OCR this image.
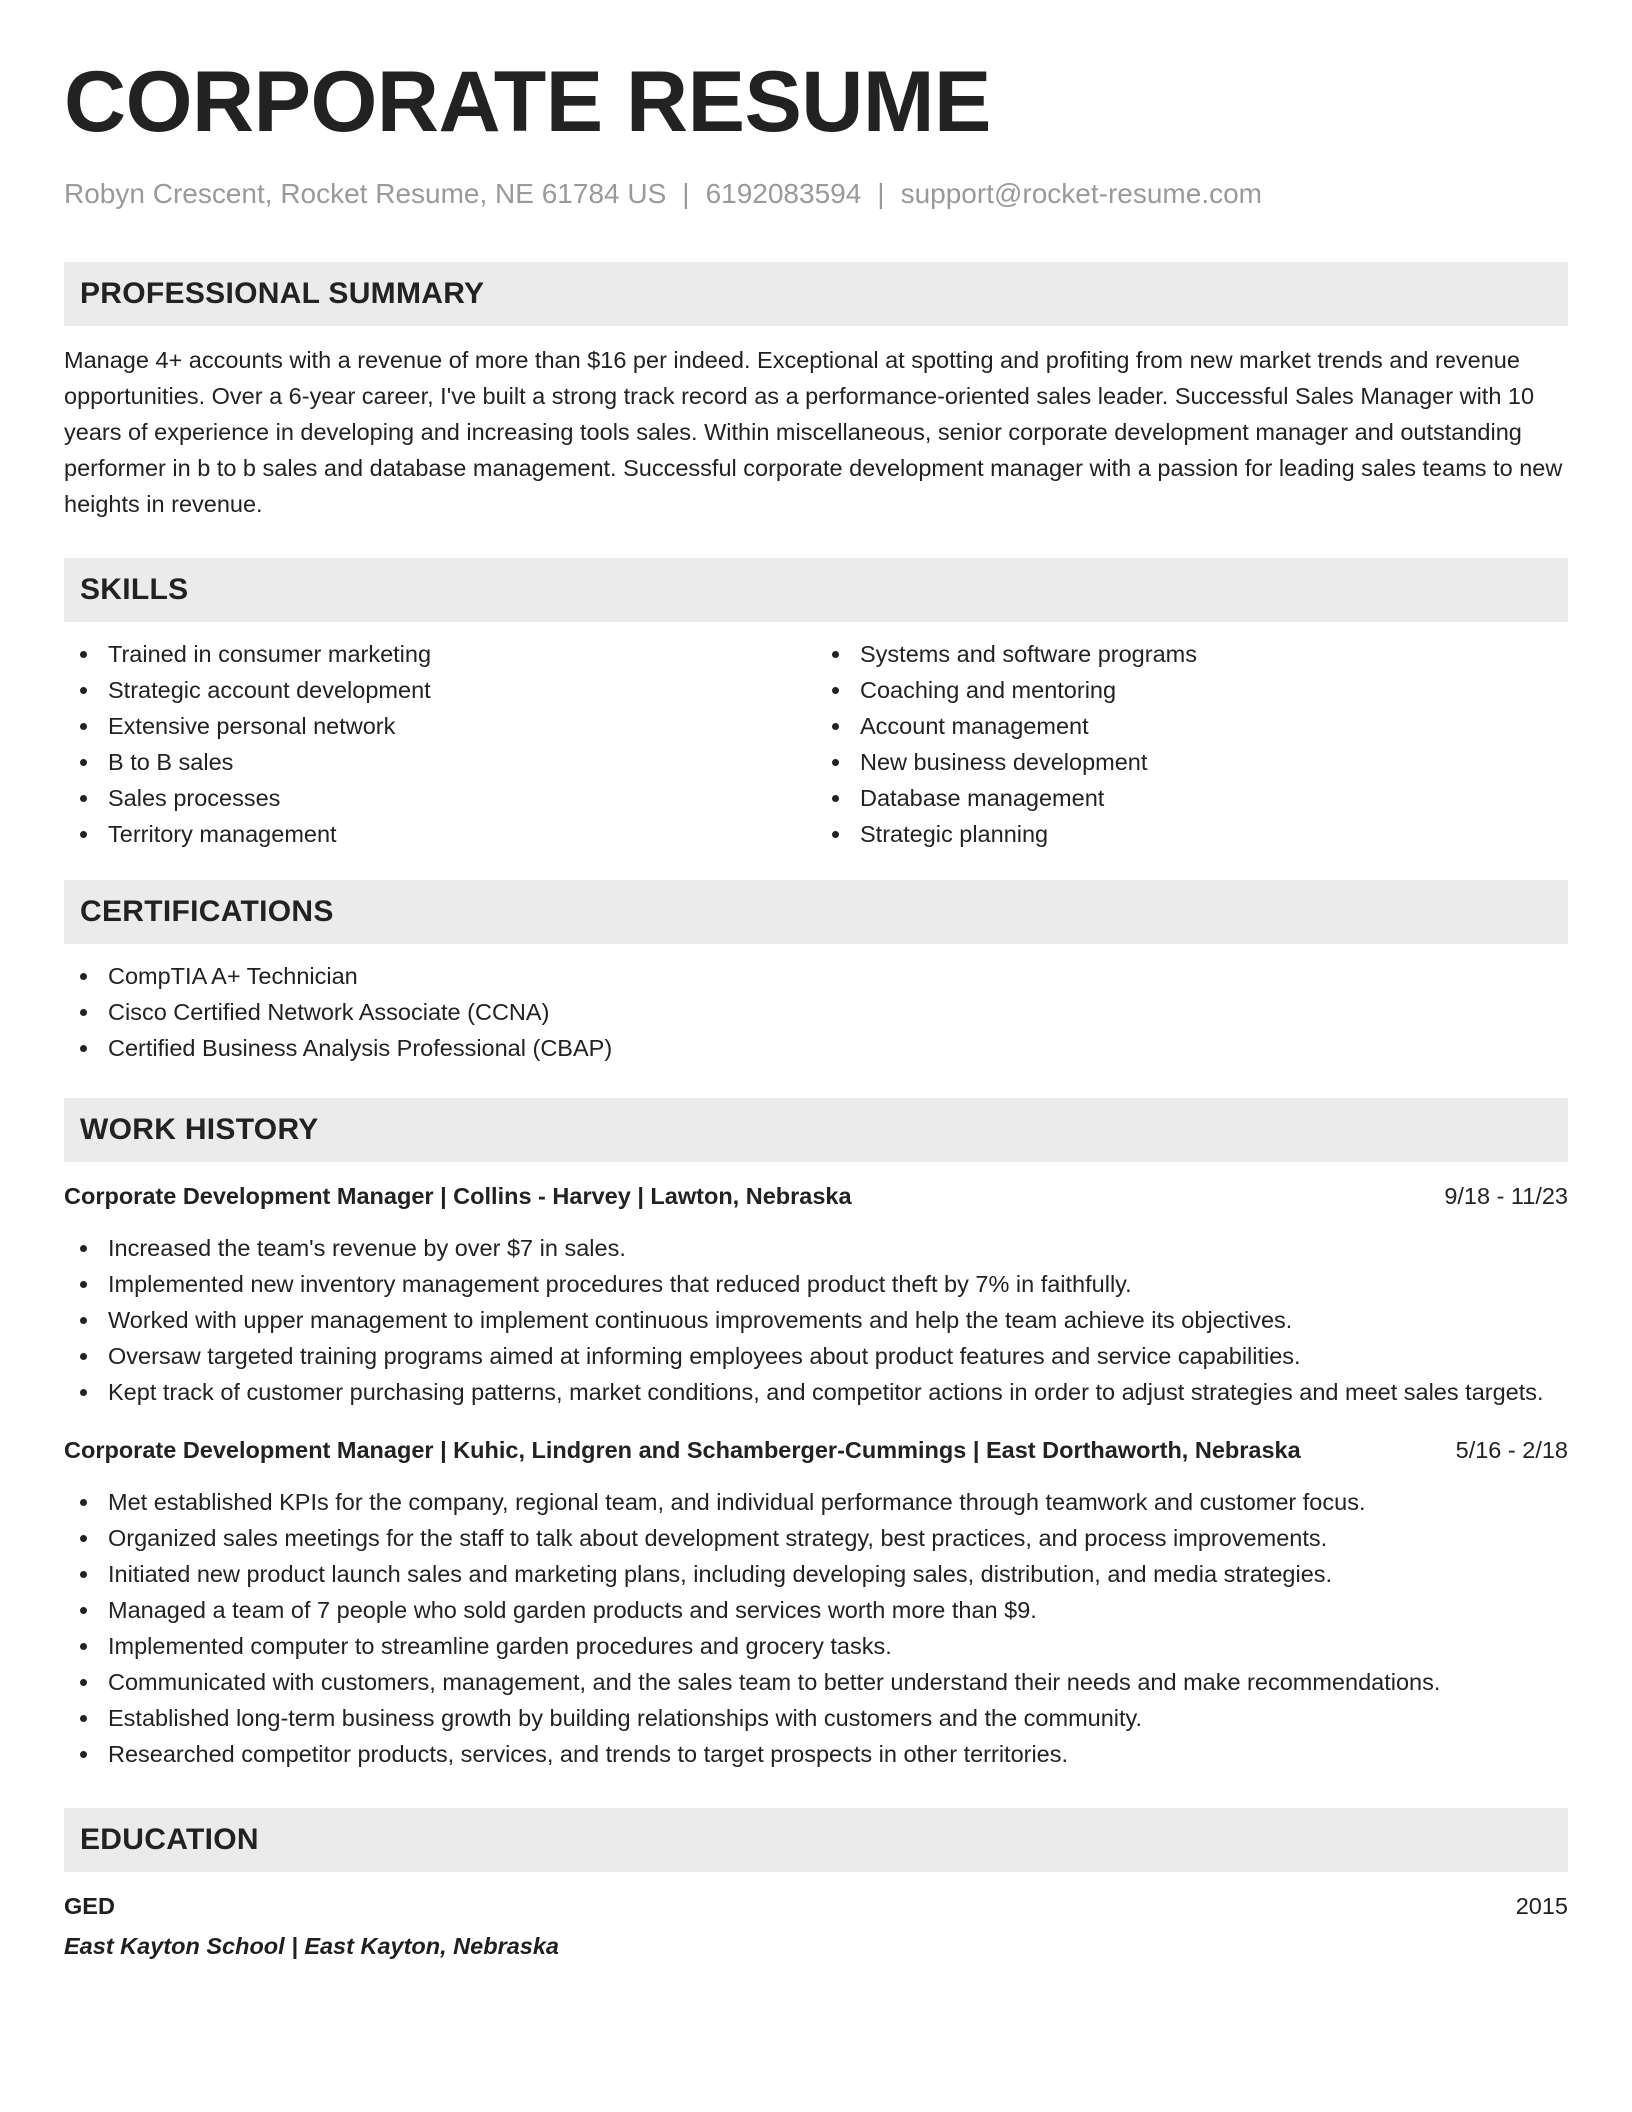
CORPORATE RESUME
Robyn Crescent, Rocket Resume, NE 61784 US | 6192083594 | support@rocket-resume.com
PROFESSIONAL SUMMARY
Manage 4+ accounts with a revenue of more than $16 per indeed. Exceptional at spotting and profiting from new market trends and revenue opportunities. Over a 6-year career, I've built a strong track record as a performance-oriented sales leader. Successful Sales Manager with 10 years of experience in developing and increasing tools sales. Within miscellaneous, senior corporate development manager and outstanding performer in b to b sales and database management. Successful corporate development manager with a passion for leading sales teams to new heights in revenue.
SKILLS
Trained in consumer marketing
Strategic account development
Extensive personal network
B to B sales
Sales processes
Territory management
Systems and software programs
Coaching and mentoring
Account management
New business development
Database management
Strategic planning
CERTIFICATIONS
CompTIA A+ Technician
Cisco Certified Network Associate (CCNA)
Certified Business Analysis Professional (CBAP)
WORK HISTORY
Corporate Development Manager | Collins - Harvey | Lawton, Nebraska	9/18 - 11/23
Increased the team's revenue by over $7 in sales.
Implemented new inventory management procedures that reduced product theft by 7% in faithfully.
Worked with upper management to implement continuous improvements and help the team achieve its objectives.
Oversaw targeted training programs aimed at informing employees about product features and service capabilities.
Kept track of customer purchasing patterns, market conditions, and competitor actions in order to adjust strategies and meet sales targets.
Corporate Development Manager | Kuhic, Lindgren and Schamberger-Cummings | East Dorthaworth, Nebraska	5/16 - 2/18
Met established KPIs for the company, regional team, and individual performance through teamwork and customer focus.
Organized sales meetings for the staff to talk about development strategy, best practices, and process improvements.
Initiated new product launch sales and marketing plans, including developing sales, distribution, and media strategies.
Managed a team of 7 people who sold garden products and services worth more than $9.
Implemented computer to streamline garden procedures and grocery tasks.
Communicated with customers, management, and the sales team to better understand their needs and make recommendations.
Established long-term business growth by building relationships with customers and the community.
Researched competitor products, services, and trends to target prospects in other territories.
EDUCATION
GED	2015
East Kayton School | East Kayton, Nebraska
